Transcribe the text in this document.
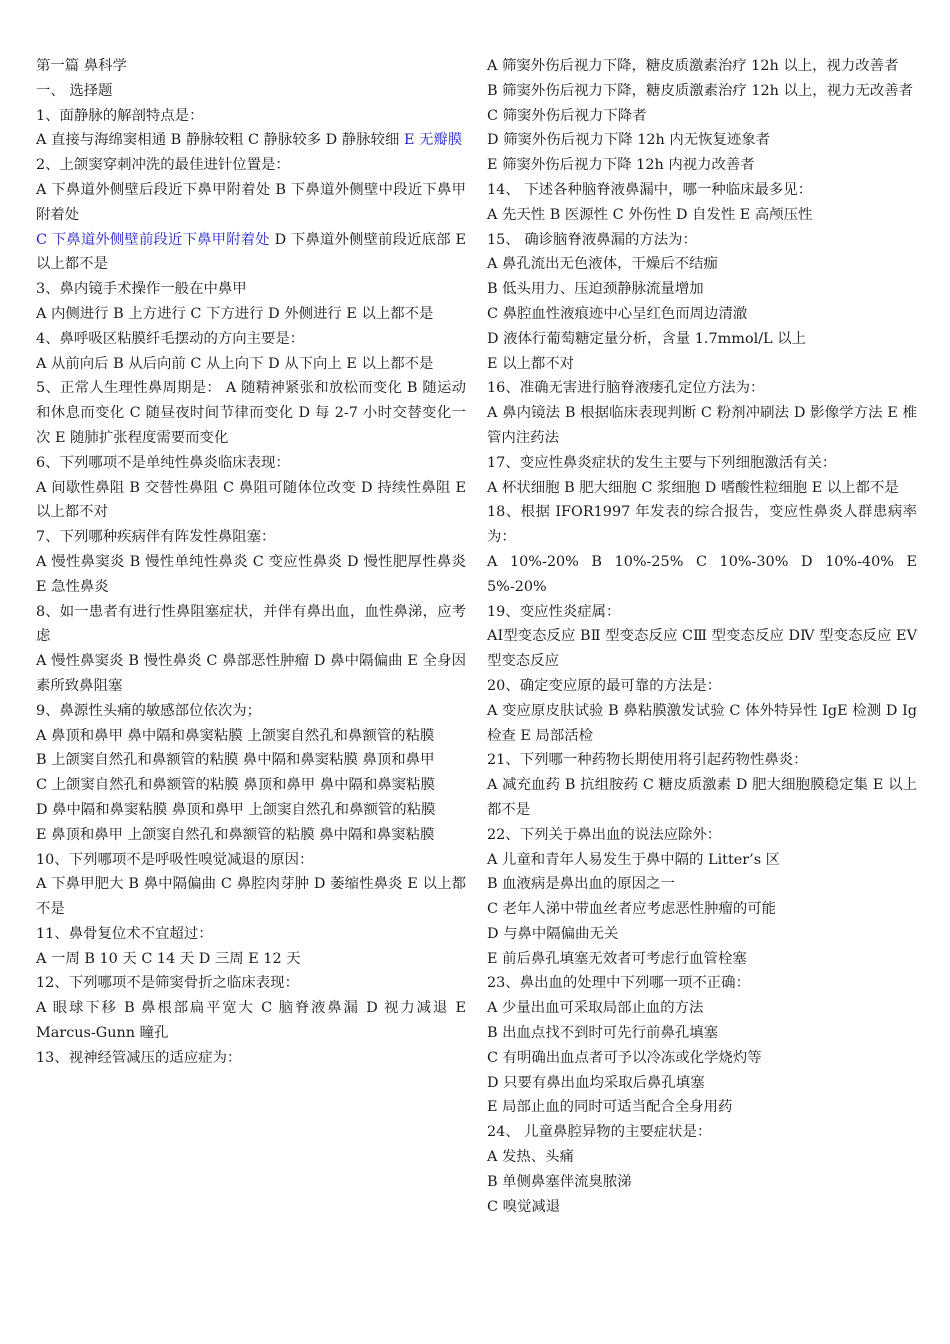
第一篇 鼻科学
一、 选择题
1、面静脉的解剖特点是：
A 直接与海绵窦相通 B 静脉较粗 C 静脉较多 D 静脉较细 E 无瓣膜
2、上颌窦穿刺冲洗的最佳进针位置是：
A 下鼻道外侧壁后段近下鼻甲附着处 B 下鼻道外侧壁中段近下鼻甲附着处
C 下鼻道外侧壁前段近下鼻甲附着处 D 下鼻道外侧壁前段近底部 E 以上都不是
3、鼻内镜手术操作一般在中鼻甲
A 内侧进行 B 上方进行 C 下方进行 D 外侧进行 E 以上都不是
4、鼻呼吸区粘膜纤毛摆动的方向主要是：
A 从前向后 B 从后向前 C 从上向下 D 从下向上 E 以上都不是
5、正常人生理性鼻周期是： A 随精神紧张和放松而变化 B 随运动和休息而变化 C 随昼夜时间节律而变化 D 每 2-7 小时交替变化一次 E 随肺扩张程度需要而变化
6、下列哪项不是单纯性鼻炎临床表现：
A 间歇性鼻阻 B 交替性鼻阻 C 鼻阻可随体位改变 D 持续性鼻阻 E 以上都不对
7、下列哪种疾病伴有阵发性鼻阻塞：
A 慢性鼻窦炎 B 慢性单纯性鼻炎 C 变应性鼻炎 D 慢性肥厚性鼻炎 E 急性鼻炎
8、如一患者有进行性鼻阻塞症状，并伴有鼻出血，血性鼻涕，应考虑
A 慢性鼻窦炎 B 慢性鼻炎 C 鼻部恶性肿瘤 D 鼻中隔偏曲 E 全身因素所致鼻阻塞
9、鼻源性头痛的敏感部位依次为；
A 鼻顶和鼻甲 鼻中隔和鼻窦粘膜 上颌窦自然孔和鼻额管的粘膜
B 上颌窦自然孔和鼻额管的粘膜 鼻中隔和鼻窦粘膜 鼻顶和鼻甲
C 上颌窦自然孔和鼻额管的粘膜 鼻顶和鼻甲 鼻中隔和鼻窦粘膜
D 鼻中隔和鼻窦粘膜 鼻顶和鼻甲 上颌窦自然孔和鼻额管的粘膜
E 鼻顶和鼻甲 上颌窦自然孔和鼻额管的粘膜 鼻中隔和鼻窦粘膜
10、下列哪项不是呼吸性嗅觉减退的原因：
A 下鼻甲肥大 B 鼻中隔偏曲 C 鼻腔肉芽肿 D 萎缩性鼻炎 E 以上都不是
11、鼻骨复位术不宜超过：
A 一周 B 10 天 C 14 天 D 三周 E 12 天
12、下列哪项不是筛窦骨折之临床表现：
A 眼球下移 B 鼻根部扁平宽大 C 脑脊液鼻漏 D 视力减退 E Marcus-Gunn 瞳孔
13、视神经管减压的适应症为：
A 筛窦外伤后视力下降，糖皮质激素治疗 12h 以上，视力改善者
B 筛窦外伤后视力下降，糖皮质激素治疗 12h 以上，视力无改善者
C 筛窦外伤后视力下降者
D 筛窦外伤后视力下降 12h 内无恢复迹象者
E 筛窦外伤后视力下降 12h 内视力改善者
14、 下述各种脑脊液鼻漏中，哪一种临床最多见：
A 先天性 B 医源性 C 外伤性 D 自发性 E 高颅压性
15、 确诊脑脊液鼻漏的方法为：
A 鼻孔流出无色液体，干燥后不结痂
B 低头用力、压迫颈静脉流量增加
C 鼻腔血性液痕迹中心呈红色而周边清澈
D 液体行葡萄糖定量分析，含量 1.7mmol/L 以上
E 以上都不对
16、准确无害进行脑脊液瘘孔定位方法为：
A 鼻内镜法 B 根据临床表现判断 C 粉剂冲刷法 D 影像学方法 E 椎管内注药法
17、变应性鼻炎症状的发生主要与下列细胞激活有关：
A 杯状细胞 B 肥大细胞 C 浆细胞 D 嗜酸性粒细胞 E 以上都不是
18、根据 IFOR1997 年发表的综合报告，变应性鼻炎人群患病率为：
A 10%-20% B 10%-25% C 10%-30% D 10%-40% E 5%-20%
19、变应性炎症属：
AⅠ型变态反应 BⅡ 型变态反应 CⅢ 型变态反应 DⅣ 型变态反应 EⅤ 型变态反应
20、确定变应原的最可靠的方法是：
A 变应原皮肤试验 B 鼻粘膜激发试验 C 体外特异性 IgE 检测 D Ig 检查 E 局部活检
21、下列哪一种药物长期使用将引起药物性鼻炎：
A 减充血药 B 抗组胺药 C 糖皮质激素 D 肥大细胞膜稳定集 E 以上都不是
22、下列关于鼻出血的说法应除外：
A 儿童和青年人易发生于鼻中隔的 Litter’s 区
B 血液病是鼻出血的原因之一
C 老年人涕中带血丝者应考虑恶性肿瘤的可能
D 与鼻中隔偏曲无关
E 前后鼻孔填塞无效者可考虑行血管栓塞
23、鼻出血的处理中下列哪一项不正确：
A 少量出血可采取局部止血的方法
B 出血点找不到时可先行前鼻孔填塞
C 有明确出血点者可予以冷冻或化学烧灼等
D 只要有鼻出血均采取后鼻孔填塞
E 局部止血的同时可适当配合全身用药
24、 儿童鼻腔异物的主要症状是：
A 发热、头痛
B 单侧鼻塞伴流臭脓涕
C 嗅觉减退
